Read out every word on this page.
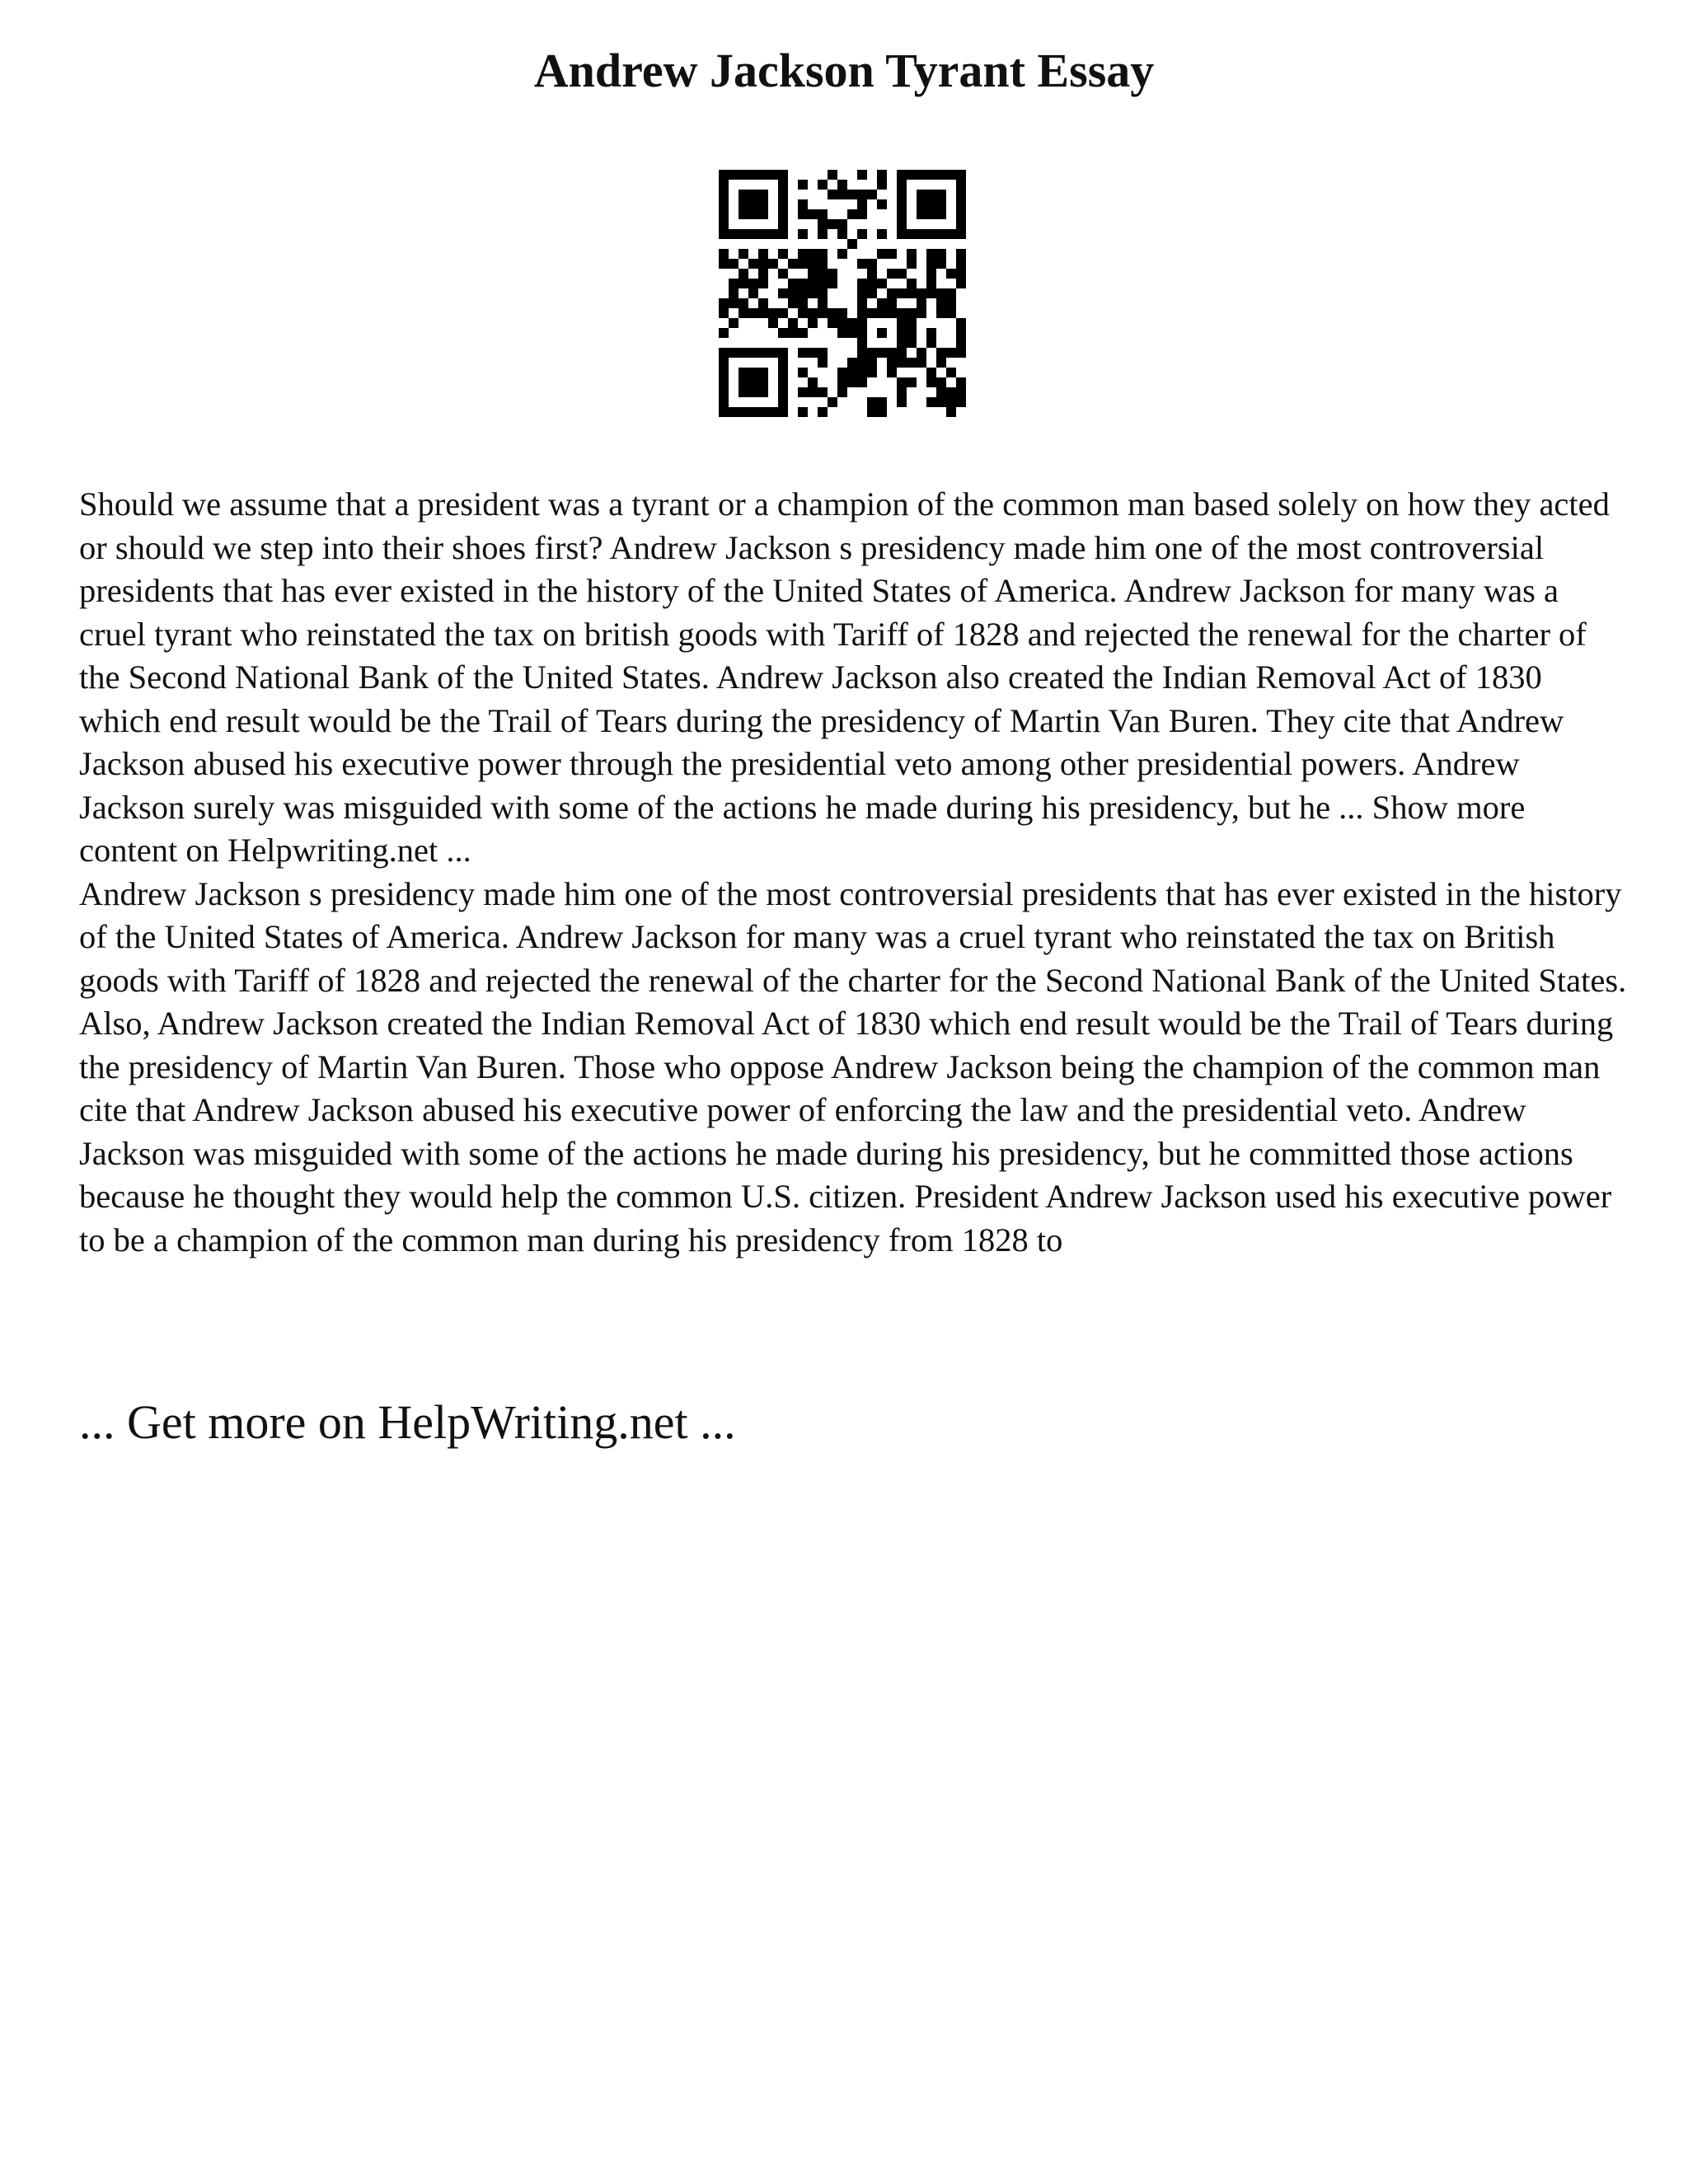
Andrew Jackson Tyrant Essay

Should we assume that a president was a tyrant or a champion of the common man based solely on how they acted or should we step into their shoes first? Andrew Jackson s presidency made him one of the most controversial presidents that has ever existed in the history of the United States of America. Andrew Jackson for many was a cruel tyrant who reinstated the tax on british goods with Tariff of 1828 and rejected the renewal for the charter of the Second National Bank of the United States. Andrew Jackson also created the Indian Removal Act of 1830 which end result would be the Trail of Tears during the presidency of Martin Van Buren. They cite that Andrew Jackson abused his executive power through the presidential veto among other presidential powers. Andrew Jackson surely was misguided with some of the actions he made during his presidency, but he ... Show more content on Helpwriting.net ...

Andrew Jackson s presidency made him one of the most controversial presidents that has ever existed in the history of the United States of America. Andrew Jackson for many was a cruel tyrant who reinstated the tax on British goods with Tariff of 1828 and rejected the renewal of the charter for the Second National Bank of the United States. Also, Andrew Jackson created the Indian Removal Act of 1830 which end result would be the Trail of Tears during the presidency of Martin Van Buren. Those who oppose Andrew Jackson being the champion of the common man cite that Andrew Jackson abused his executive power of enforcing the law and the presidential veto. Andrew Jackson was misguided with some of the actions he made during his presidency, but he committed those actions because he thought they would help the common U.S. citizen. President Andrew Jackson used his executive power to be a champion of the common man during his presidency from 1828 to

... Get more on HelpWriting.net ...
